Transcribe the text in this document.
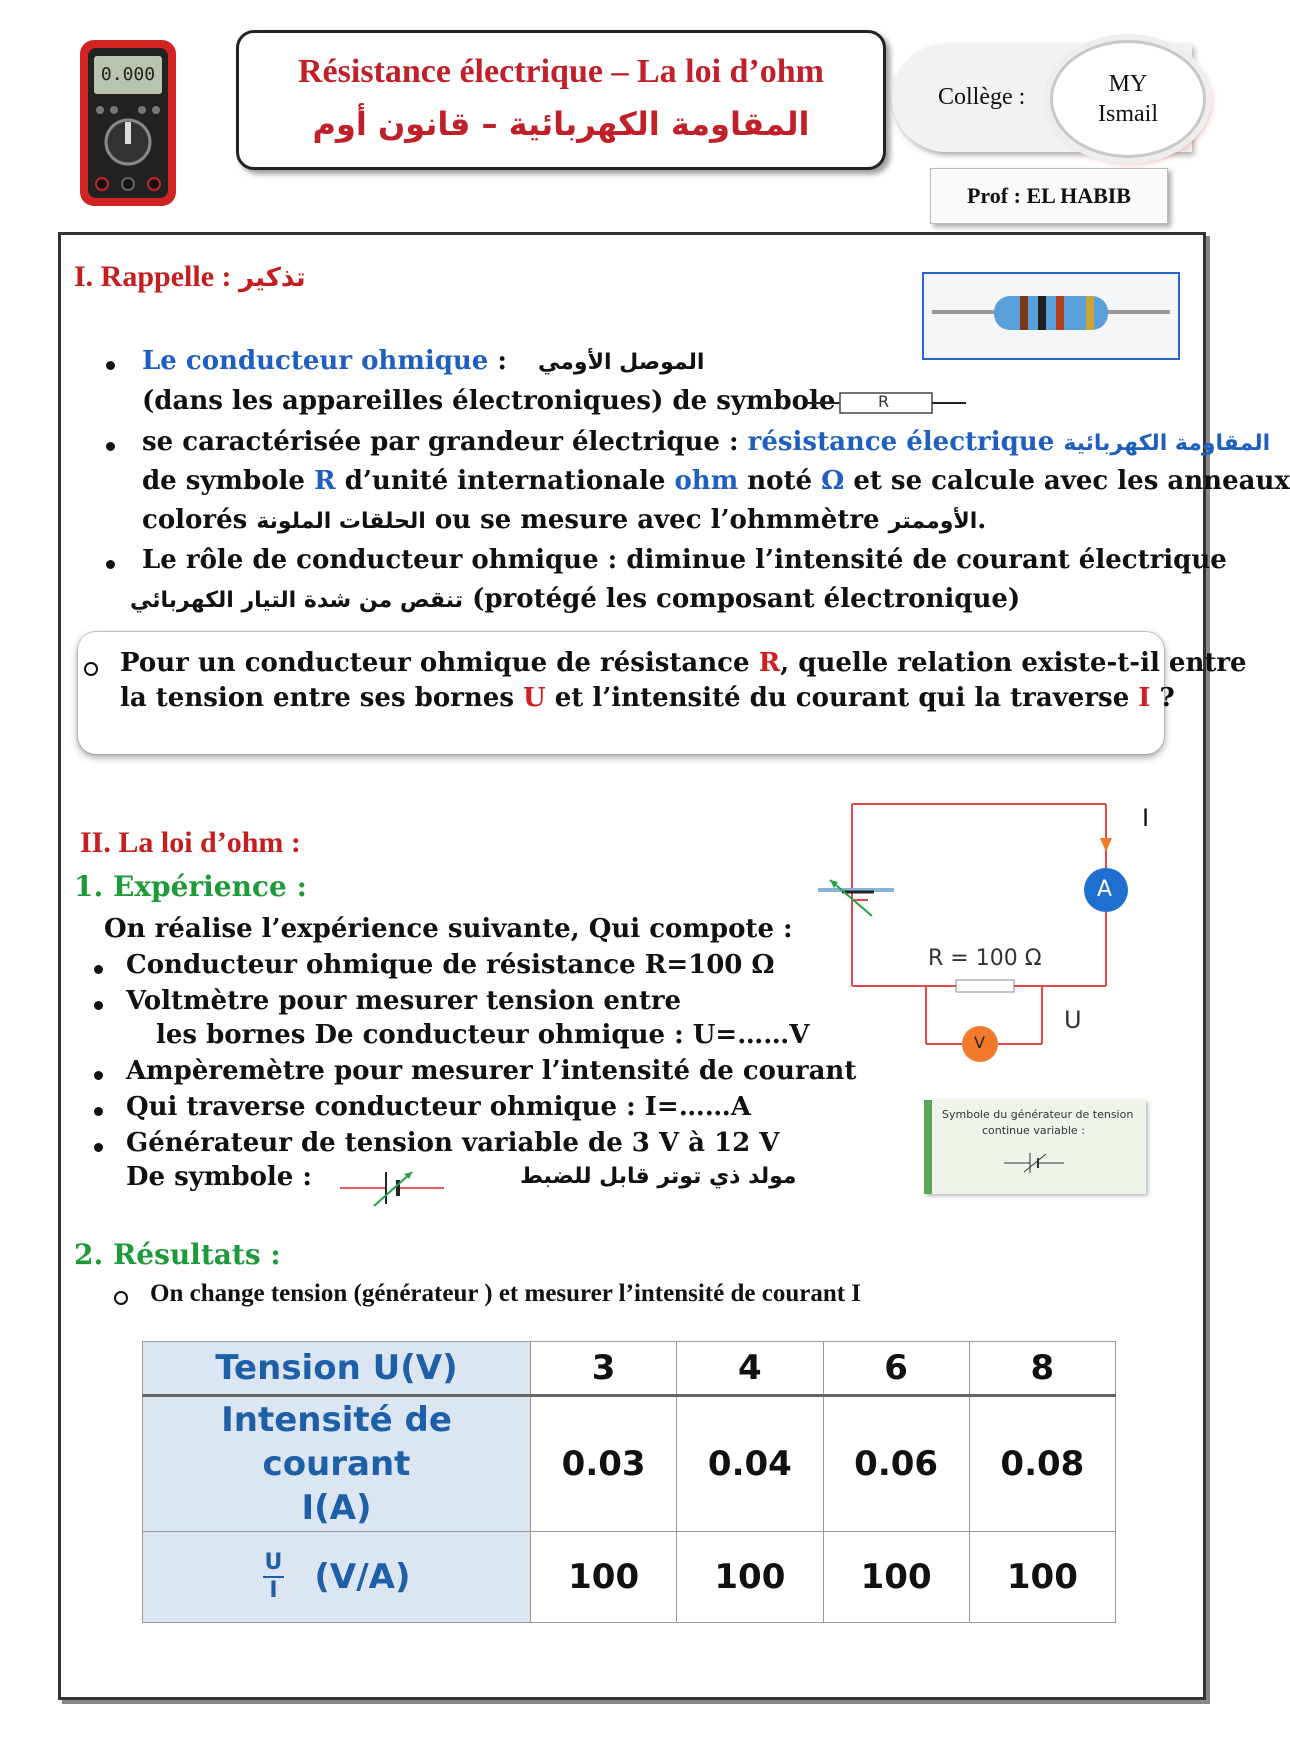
0.000	Résistance électrique – La loi d’ohm
المقاومة الكهربائية – قانون أوم
Collège :	MY
Ismail
Prof : EL HABIB
I. Rappelle : تذكير
Le conducteur ohmique : الموصل الأومي
(dans les appareilles électroniques) de symbole	R
se caractérisée par grandeur électrique : résistance électrique المقاومة الكهربائية
de symbole R d’unité internationale ohm noté Ω et se calcule avec les anneaux
colorés الحلقات الملونة ou se mesure avec l’ohmmètre الأوممتر.
Le rôle de conducteur ohmique : diminue l’intensité de courant électrique
تنقص من شدة التيار الكهربائي (protégé les composant électronique)
Pour un conducteur ohmique de résistance R, quelle relation existe-t-il entre
la tension entre ses bornes U et l’intensité du courant qui la traverse I ?
II. La loi d’ohm :
1. Expérience :
On réalise l’expérience suivante, Qui compote :
Conducteur ohmique de résistance R=100 Ω
Voltmètre pour mesurer tension entre
les bornes De conducteur ohmique : U=……V
Ampèremètre pour mesurer l’intensité de courant
Qui traverse conducteur ohmique : I=……A
Générateur de tension variable de 3 V à 12 V
De symbole :	مولد ذي توتر قابل للضبط
I
A
R = 100 Ω
U
V
Symbole du générateur de tension
continue variable :
2. Résultats :
On change tension (générateur ) et mesurer l’intensité de courant I
Tension U(V)	3	4	6	8

Intensité de courant
I(A)	0.03	0.04	0.06	0.08

$\frac{U}{I} (V/A)$	100	100	100	100
